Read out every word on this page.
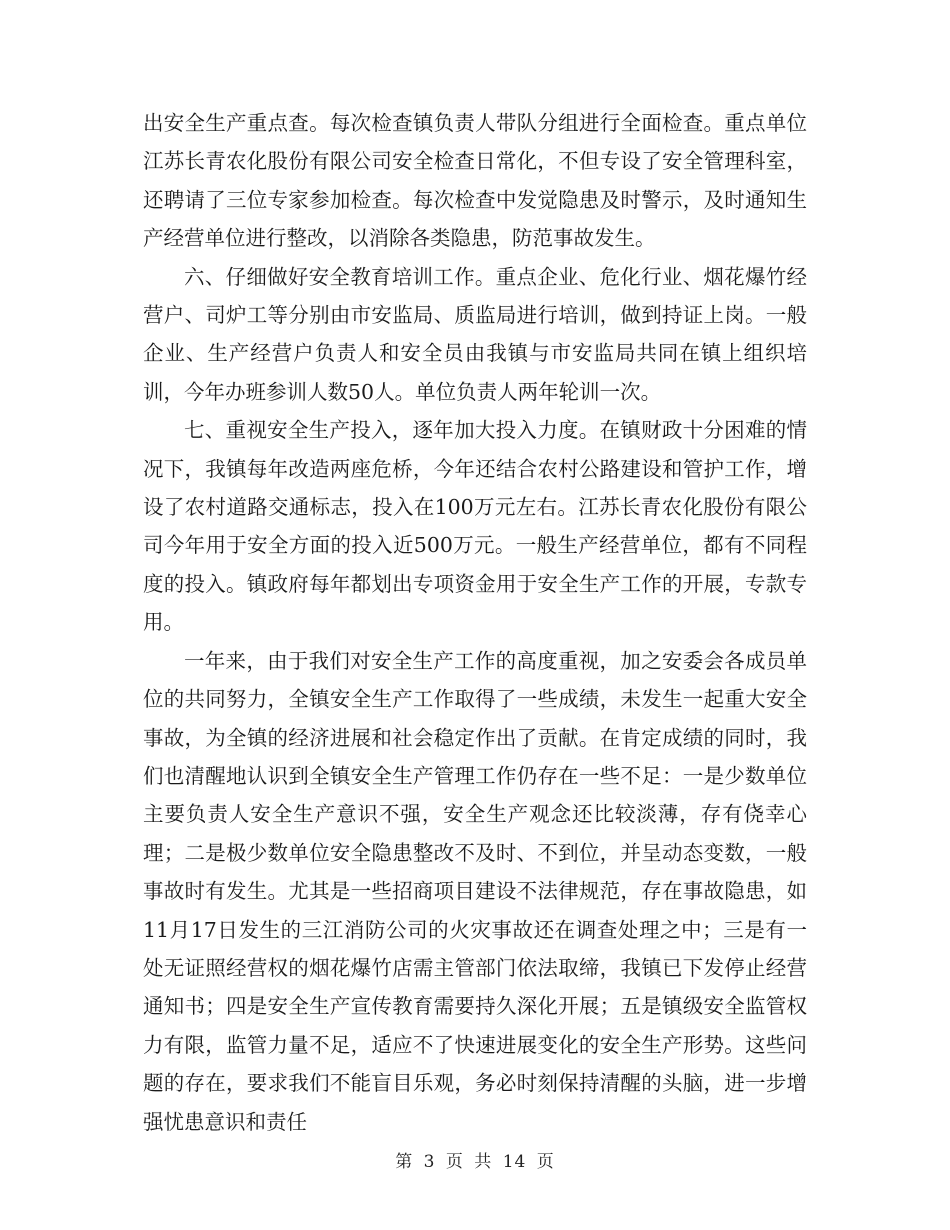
出安全生产重点查。每次检查镇负责人带队分组进行全面检查。重点单位江苏长青农化股份有限公司安全检查日常化，不但专设了安全管理科室，还聘请了三位专家参加检查。每次检查中发觉隐患及时警示，及时通知生产经营单位进行整改，以消除各类隐患，防范事故发生。

六、仔细做好安全教育培训工作。重点企业、危化行业、烟花爆竹经营户、司炉工等分别由市安监局、质监局进行培训，做到持证上岗。一般企业、生产经营户负责人和安全员由我镇与市安监局共同在镇上组织培训，今年办班参训人数50人。单位负责人两年轮训一次。

七、重视安全生产投入，逐年加大投入力度。在镇财政十分困难的情况下，我镇每年改造两座危桥，今年还结合农村公路建设和管护工作，增设了农村道路交通标志，投入在100万元左右。江苏长青农化股份有限公司今年用于安全方面的投入近500万元。一般生产经营单位，都有不同程度的投入。镇政府每年都划出专项资金用于安全生产工作的开展，专款专用。

一年来，由于我们对安全生产工作的高度重视，加之安委会各成员单位的共同努力，全镇安全生产工作取得了一些成绩，未发生一起重大安全事故，为全镇的经济进展和社会稳定作出了贡献。在肯定成绩的同时，我们也清醒地认识到全镇安全生产管理工作仍存在一些不足：一是少数单位主要负责人安全生产意识不强，安全生产观念还比较淡薄，存有侥幸心理；二是极少数单位安全隐患整改不及时、不到位，并呈动态变数，一般事故时有发生。尤其是一些招商项目建设不法律规范，存在事故隐患，如11月17日发生的三江消防公司的火灾事故还在调查处理之中；三是有一处无证照经营权的烟花爆竹店需主管部门依法取缔，我镇已下发停止经营通知书；四是安全生产宣传教育需要持久深化开展；五是镇级安全监管权力有限，监管力量不足，适应不了快速进展变化的安全生产形势。这些问题的存在，要求我们不能盲目乐观，务必时刻保持清醒的头脑，进一步增强忧患意识和责任

第 3 页 共 14 页
